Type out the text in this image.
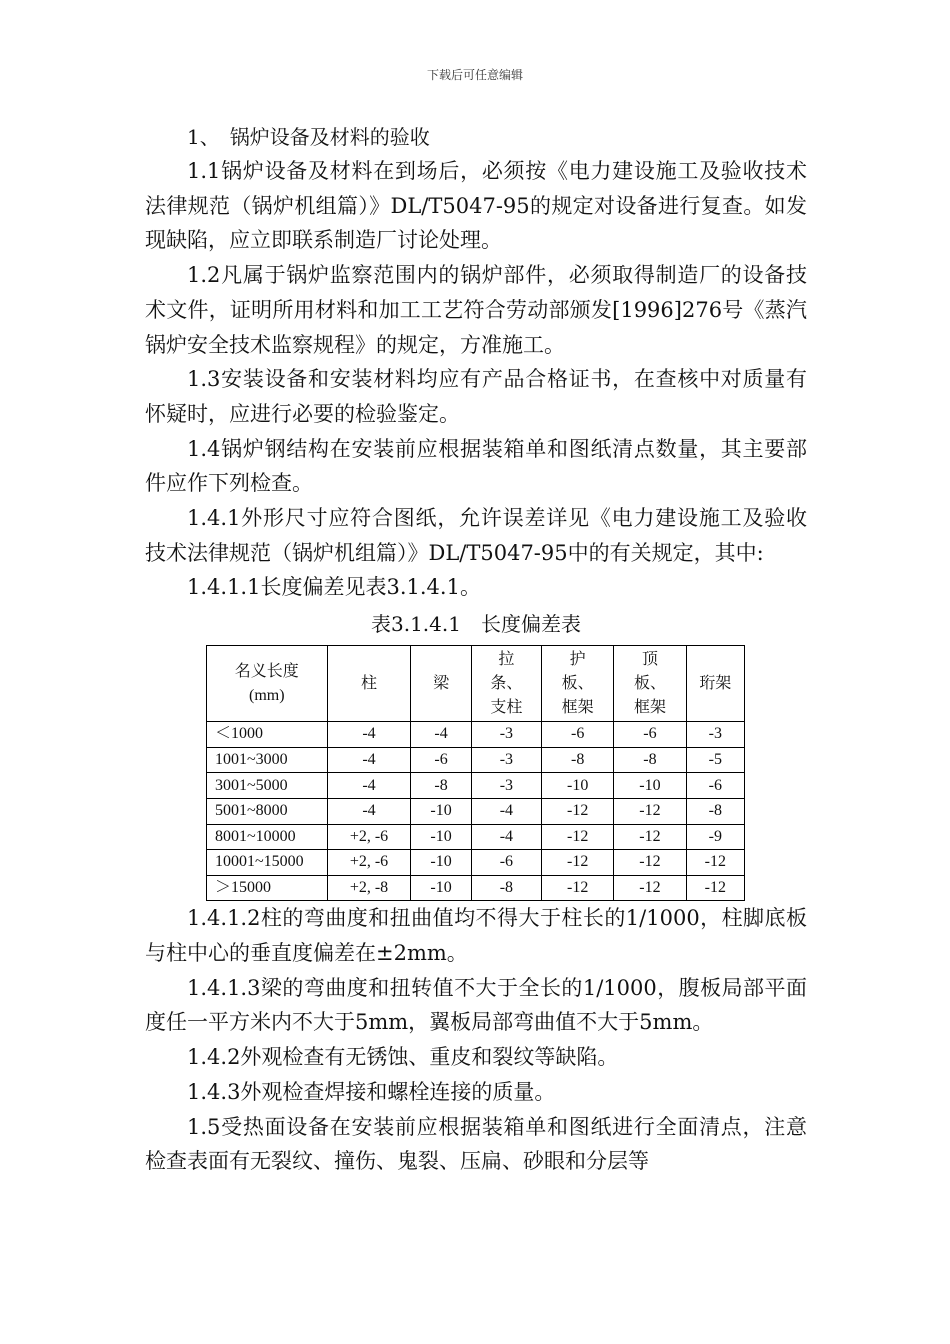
下载后可任意编辑

1、　锅炉设备及材料的验收

1.1锅炉设备及材料在到场后，必须按《电力建设施工及验收技术法律规范（锅炉机组篇）》DL/T5047-95的规定对设备进行复查。如发现缺陷，应立即联系制造厂讨论处理。

1.2凡属于锅炉监察范围内的锅炉部件，必须取得制造厂的设备技术文件，证明所用材料和加工工艺符合劳动部颁发[1996]276号《蒸汽锅炉安全技术监察规程》的规定，方准施工。

1.3安装设备和安装材料均应有产品合格证书，在查核中对质量有怀疑时，应进行必要的检验鉴定。

1.4锅炉钢结构在安装前应根据装箱单和图纸清点数量，其主要部件应作下列检查。

1.4.1外形尺寸应符合图纸，允许误差详见《电力建设施工及验收技术法律规范（锅炉机组篇）》DL/T5047-95中的有关规定，其中:

1.4.1.1长度偏差见表3.1.4.1。

表3.1.4.1　长度偏差表
名义长度
(mm)	柱	梁	拉
条、
支柱	护
板、
框架	顶
板、
框架	珩架
＜1000	-4	-4	-3	-6	-6	-3
1001~3000	-4	-6	-3	-8	-8	-5
3001~5000	-4	-8	-3	-10	-10	-6
5001~8000	-4	-10	-4	-12	-12	-8
8001~10000	+2, -6	-10	-4	-12	-12	-9
10001~15000	+2, -6	-10	-6	-12	-12	-12
＞15000	+2, -8	-10	-8	-12	-12	-12

1.4.1.2柱的弯曲度和扭曲值均不得大于柱长的1/1000，柱脚底板与柱中心的垂直度偏差在±2mm。

1.4.1.3梁的弯曲度和扭转值不大于全长的1/1000，腹板局部平面度任一平方米内不大于5mm，翼板局部弯曲值不大于5mm。

1.4.2外观检查有无锈蚀、重皮和裂纹等缺陷。

1.4.3外观检查焊接和螺栓连接的质量。

1.5受热面设备在安装前应根据装箱单和图纸进行全面清点，注意检查表面有无裂纹、撞伤、鬼裂、压扁、砂眼和分层等
